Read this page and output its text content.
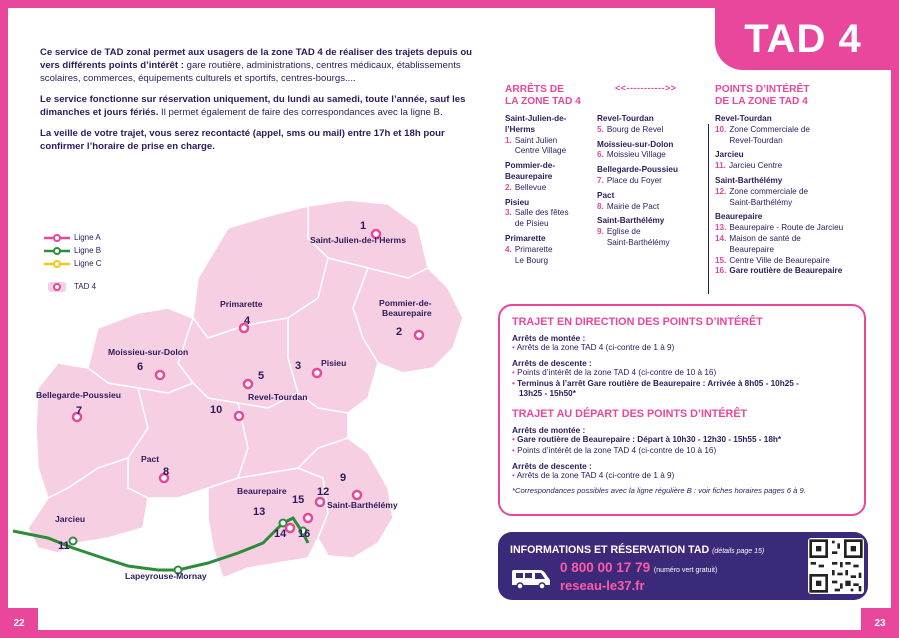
TAD 4

Ce service de TAD zonal permet aux usagers de la zone TAD 4 de réaliser des trajets depuis ou vers différents points d’intérêt : gare routière, administrations, centres médicaux, établissements scolaires, commerces, équipements culturels et sportifs, centres-bourgs....

Le service fonctionne sur réservation uniquement, du lundi au samedi, toute l’année, sauf les dimanches et jours fériés. Il permet également de faire des correspondances avec la ligne B.

La veille de votre trajet, vous serez recontacté (appel, sms ou mail) entre 17h et 18h pour confirmer l’horaire de prise en charge.

Ligne A
Ligne B
Ligne C
TAD 4
1
Saint-Julien-de-l’Herms
Pommier-de-
Beaurepaire
2
Primarette
4
Moissieu-sur-Dolon
6	3 Pisieu
5
Revel-Tourdan
10
Bellegarde-Poussieu
7
Pact
8	9
Beaurepaire	12
15	Saint-Barthélémy
13
14 16
Jarcieu
11
Lapeyrouse-Mornay
ARRÊTS DE
LA ZONE TAD 4
<<----------->>	POINTS D’INTÉRÊT
DE LA ZONE TAD 4
Saint-Julien-de-
l’Herms
1. Saint Julien
Centre Village
Pommier-de-
Beaurepaire
2. Bellevue
Pisieu
3. Salle des fêtes
de Pisieu
Primarette
4. Primarette
Le Bourg
Revel-Tourdan
5. Bourg de Revel
Moissieu-sur-Dolon
6. Moissieu Village
Bellegarde-Poussieu
7. Place du Foyer
Pact
8. Mairie de Pact
Saint-Barthélémy
9. Eglise de
Saint-Barthélémy
Revel-Tourdan
10. Zone Commerciale de
Revel-Tourdan
Jarcieu
11. Jarcieu Centre
Saint-Barthélémy
12. Zone commerciale de
Saint-Barthélémy
Beaurepaire
13. Beaurepaire - Route de Jarcieu
14. Maison de santé de
Beaurepaire
15. Centre Ville de Beaurepaire
16. Gare routière de Beaurepaire
TRAJET EN DIRECTION DES POINTS D’INTÉRÊT
Arrêts de montée :
• Arrêts de la zone TAD 4 (ci-contre de 1 à 9)
Arrêts de descente :
• Points d’intérêt de la zone TAD 4 (ci-contre de 10 à 16)
• Terminus à l’arrêt Gare routière de Beaurepaire : Arrivée à 8h05 - 10h25 -
13h25 - 15h50*
TRAJET AU DÉPART DES POINTS D’INTÉRÊT
Arrêts de montée :
• Gare routière de Beaurepaire : Départ à 10h30 - 12h30 - 15h55 - 18h*
• Points d’intérêt de la zone TAD 4 (ci-contre de 10 à 16)
Arrêts de descente :
• Arrêts de la zone TAD 4 (ci-contre de 1 à 9)
*Correspondances possibles avec la ligne régulière B : voir fiches horaires pages 6 à 9.
INFORMATIONS ET RÉSERVATION TAD (détails page 15)
0 800 00 17 79 (numéro vert gratuit)
reseau-le37.fr
22	23
